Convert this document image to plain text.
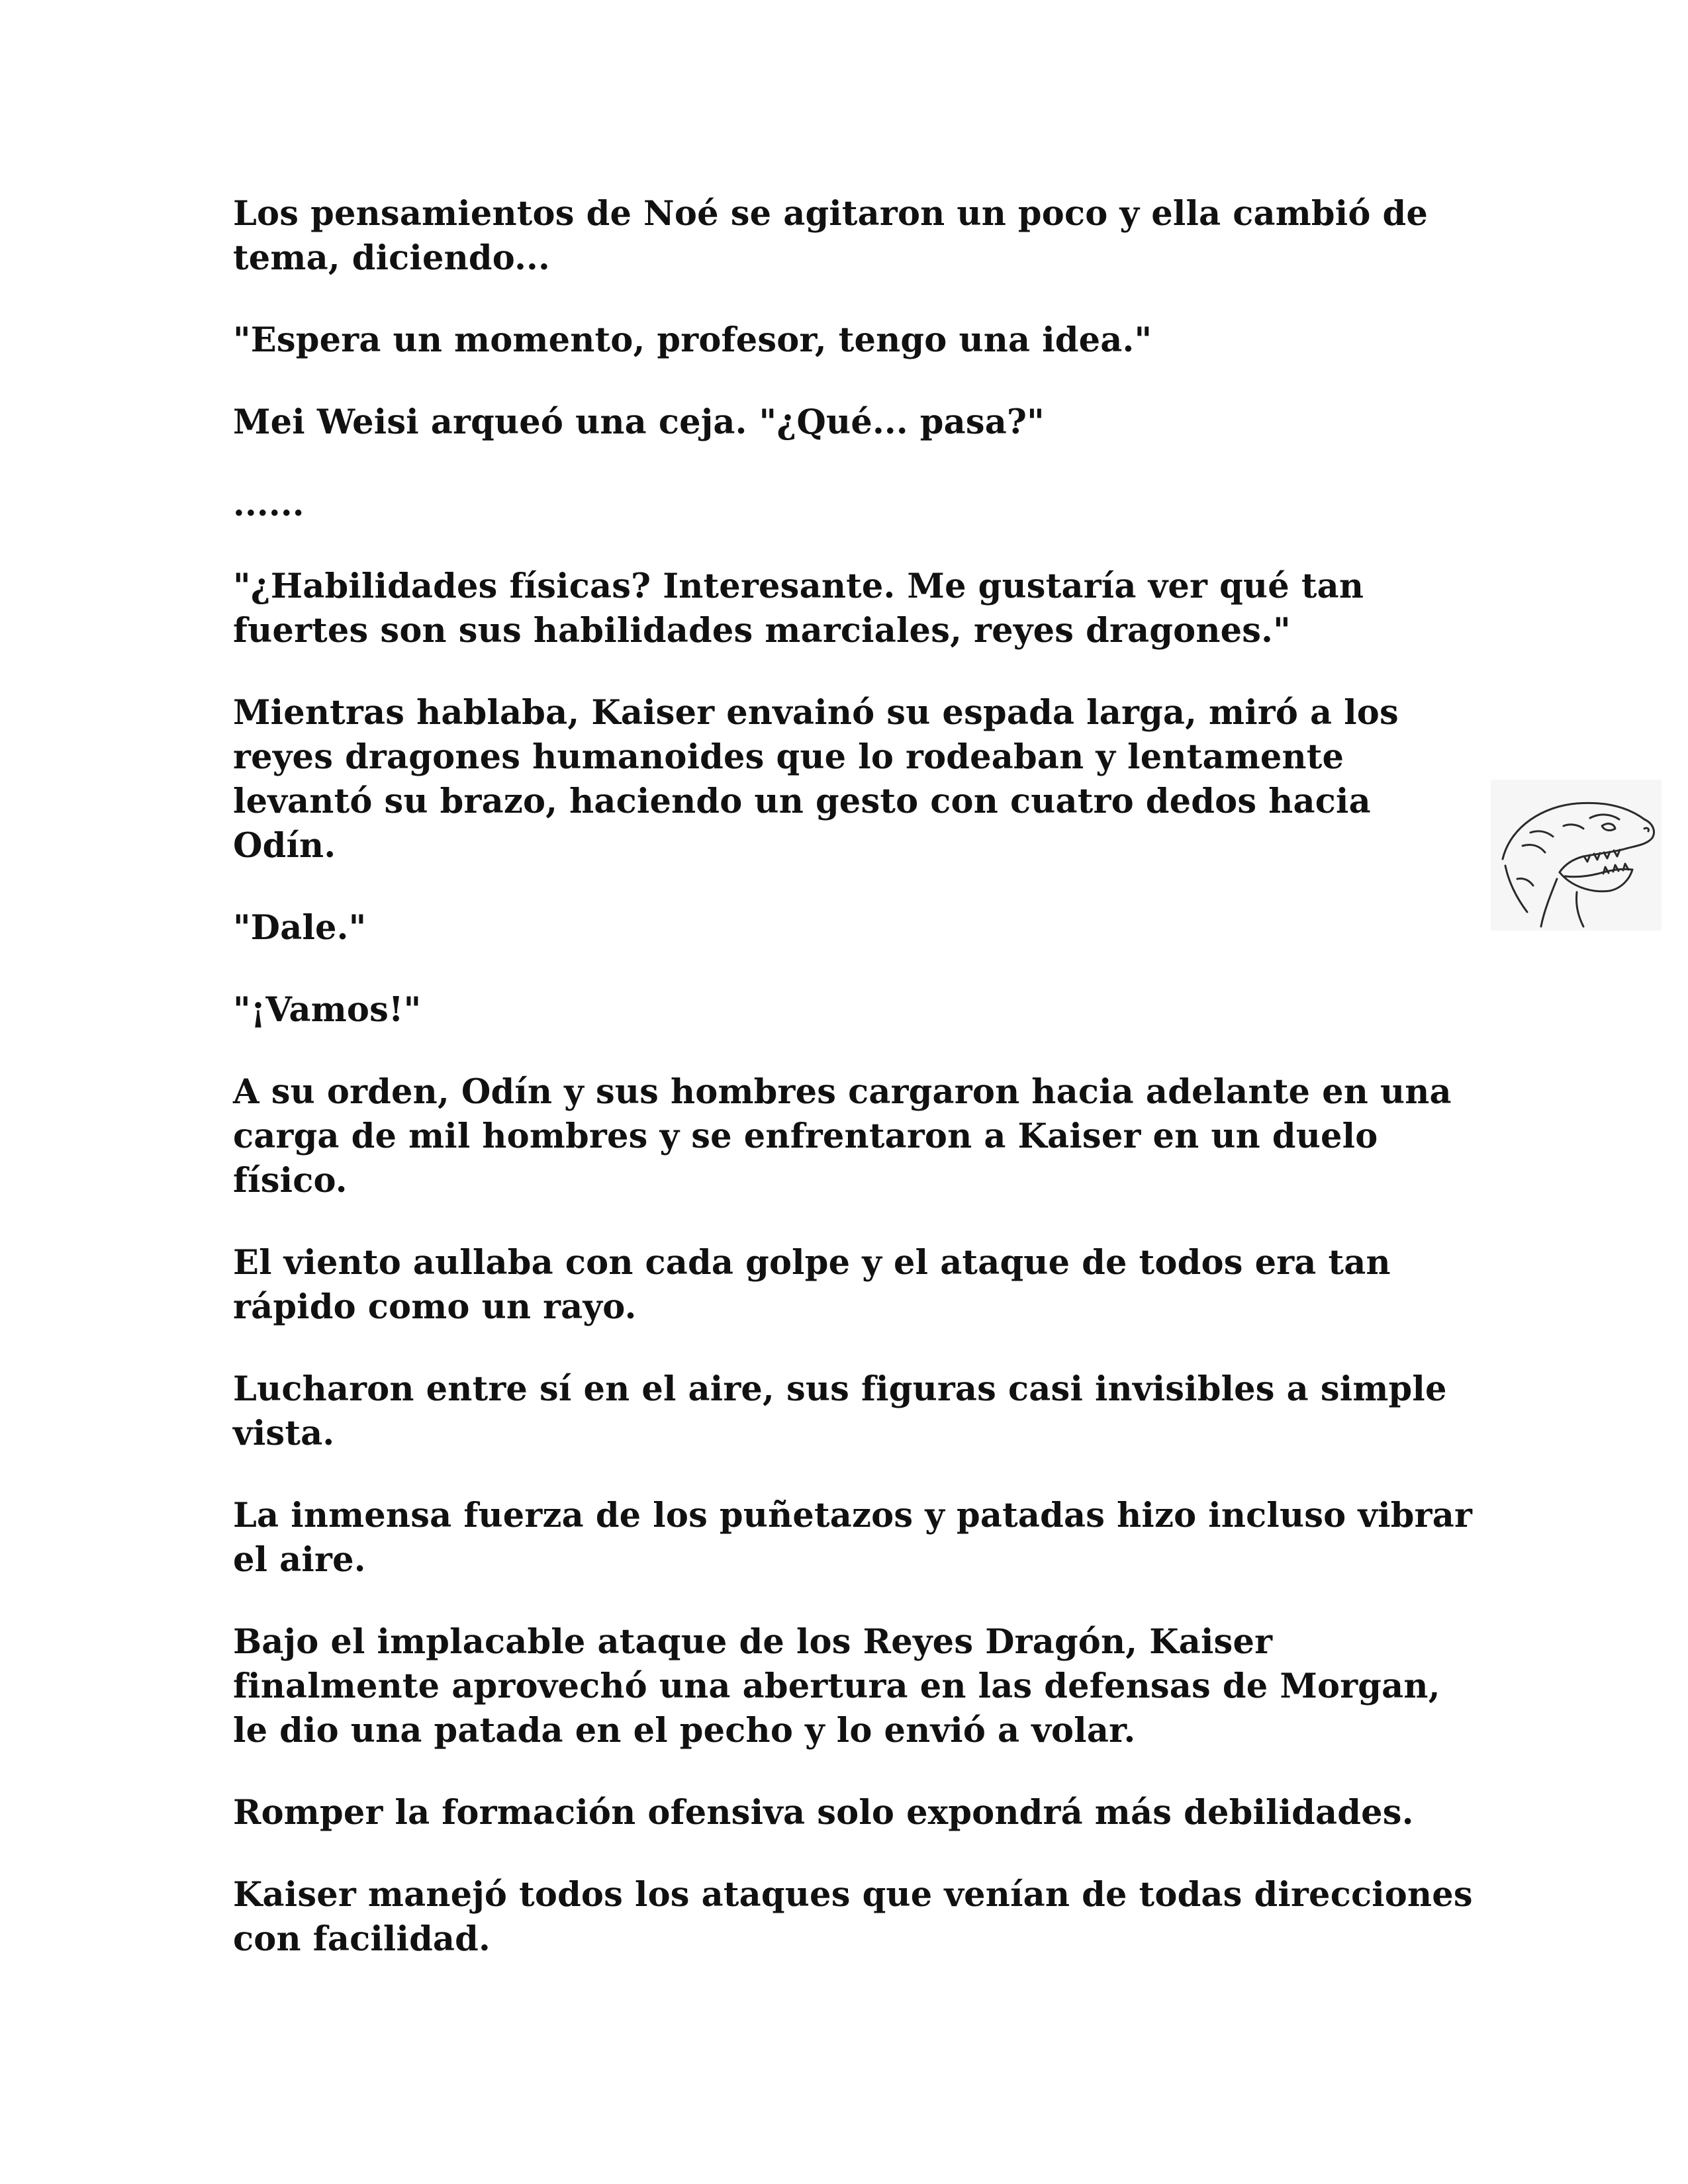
Los pensamientos de Noé se agitaron un poco y ella cambió de tema, diciendo...

"Espera un momento, profesor, tengo una idea."

Mei Weisi arqueó una ceja. "¿Qué... pasa?"

......

"¿Habilidades físicas? Interesante. Me gustaría ver qué tan fuertes son sus habilidades marciales, reyes dragones."

Mientras hablaba, Kaiser envainó su espada larga, miró a los reyes dragones humanoides que lo rodeaban y lentamente levantó su brazo, haciendo un gesto con cuatro dedos hacia Odín.

"Dale."

"¡Vamos!"

A su orden, Odín y sus hombres cargaron hacia adelante en una carga de mil hombres y se enfrentaron a Kaiser en un duelo físico.

El viento aullaba con cada golpe y el ataque de todos era tan rápido como un rayo.

Lucharon entre sí en el aire, sus figuras casi invisibles a simple vista.

La inmensa fuerza de los puñetazos y patadas hizo incluso vibrar el aire.

Bajo el implacable ataque de los Reyes Dragón, Kaiser finalmente aprovechó una abertura en las defensas de Morgan, le dio una patada en el pecho y lo envió a volar.

Romper la formación ofensiva solo expondrá más debilidades.

Kaiser manejó todos los ataques que venían de todas direcciones con facilidad.
